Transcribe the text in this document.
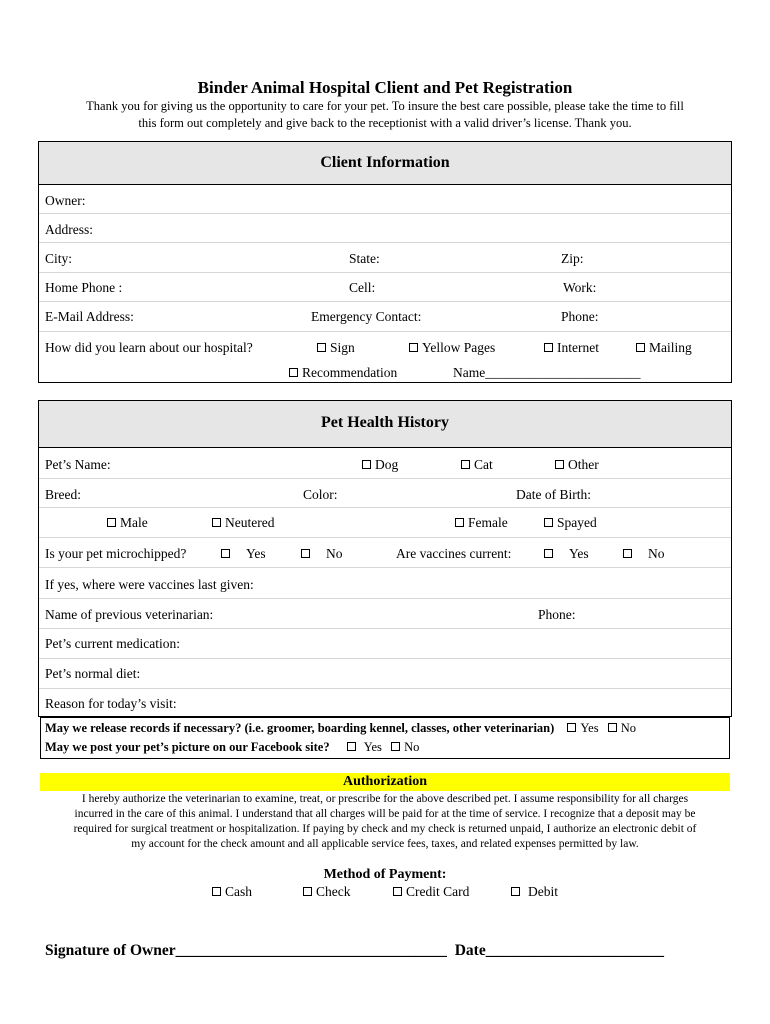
Binder Animal Hospital Client and Pet Registration
Thank you for giving us the opportunity to care for your pet. To insure the best care possible, please take the time to fill
this form out completely and give back to the receptionist with a valid driver’s license. Thank you.
Client Information
Owner:
Address:
City:	State:	Zip:
Home Phone :	Cell:	Work:
E-Mail Address:	Emergency Contact:	Phone:
How did you learn about our hospital?	Sign	Yellow Pages	Internet	Mailing
Recommendation	Name_______________________
Pet Health History
Pet’s Name:	Dog	Cat	Other
Breed:	Color:	Date of Birth:
Male	Neutered	Female	Spayed
Is your pet microchipped?	Yes	No	Are vaccines current:	Yes	No
If yes, where were vaccines last given:
Name of previous veterinarian:	Phone:
Pet’s current medication:
Pet’s normal diet:
Reason for today’s visit:
May we release records if necessary? (i.e. groomer, boarding kennel, classes, other veterinarian) Yes No
May we post your pet’s picture on our Facebook site?	Yes No
Authorization
I hereby authorize the veterinarian to examine, treat, or prescribe for the above described pet. I assume responsibility for all charges
incurred in the care of this animal. I understand that all charges will be paid for at the time of service. I recognize that a deposit may be
required for surgical treatment or hospitalization. If paying by check and my check is returned unpaid, I authorize an electronic debit of
my account for the check amount and all applicable service fees, taxes, and related expenses permitted by law.
Method of Payment:
Cash	Check	Credit Card	Debit
Signature of Owner___________________________________ Date_______________________
